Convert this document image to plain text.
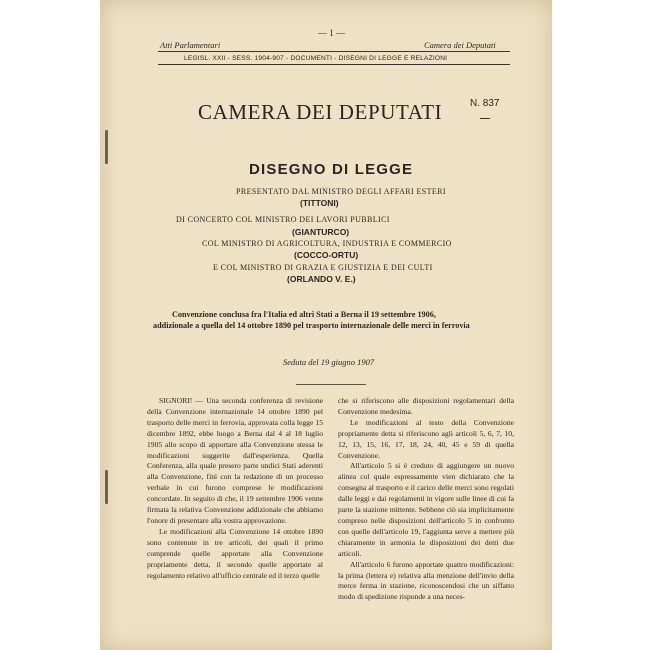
Atti Parlamentari
— 1 —
Camera dei Deputati
LEGISL. XXII - SESS. 1904-907 - DOCUMENTI - DISEGNI DI LEGGE E RELAZIONI
CAMERA DEI DEPUTATI	N. 837
DISEGNO DI LEGGE
PRESENTATO DAL MINISTRO DEGLI AFFARI ESTERI
(TITTONI)
DI CONCERTO COL MINISTRO DEI LAVORI PUBBLICI
(GIANTURCO)
COL MINISTRO DI AGRICOLTURA, INDUSTRIA E COMMERCIO
(COCCO-ORTU)
E COL MINISTRO DI GRAZIA E GIUSTIZIA E DEI CULTI
(ORLANDO V. E.)
Convenzione conclusa fra l'Italia ed altri Stati a Berna il 19 settembre 1906,
addizionale a quella del 14 ottobre 1890 pel trasporto internazionale delle merci in ferrovia
Seduta del 19 giugno 1907

SIGNORI! — Una seconda conferenza di revisione della Convenzione internazionale 14 ottobre 1890 pel trasporto delle merci in ferrovia, approvata colla legge 15 dicembre 1892, ebbe luogo a Berna dal 4 al 18 luglio 1905 allo scopo di apportare alla Convenzione stessa le modificazioni suggerite dall'esperienza. Quella Conferenza, alla quale presero parte undici Stati aderenti alla Convenzione, finì con la redazione di un processo verbale in cui furono comprese le modificazioni concordate. In seguito di che, il 19 settembre 1906 venne firmata la relativa Convenzione addizionale che abbiamo l'onore di presentare alla vostra approvazione.

Le modificazioni alla Convenzione 14 ottobre 1890 sono contenute in tre articoli, dei quali il primo comprende quelle apportate alla Convenzione propriamente detta, il secondo quelle apportate al regolamento relativo all'ufficio centrale ed il terzo quelle

che si riferiscono alle disposizioni regolamentari della Convenzione medesima.

Le modificazioni al testo della Convenzione propriamente detta si riferiscono agli articoli 5, 6, 7, 10, 12, 13, 15, 16, 17, 18, 24, 40, 45 e 59 di quella Convenzione.

All'articolo 5 si è creduto di aggiungere un nuovo alinea col quale espressamente vien dichiarato che la consegna al trasporto e il carico delle merci sono regolati dalle leggi e dai regolamenti in vigore sulle linee di cui fa parte la stazione mittente. Sebbene ciò sia implicitamente compreso nelle disposizioni dell'articolo 5 in confronto con quelle dell'articolo 19, l'aggiunta serve a mettere più chiaramente in armonia le disposizioni dei detti due articoli.

All'articolo 6 furono apportate quattro modificazioni: la prima (lettera e) relativa alla menzione dell'invio della merce ferma in stazione, riconoscendosi che un siffatto modo di spedizione risponde a una neces-
